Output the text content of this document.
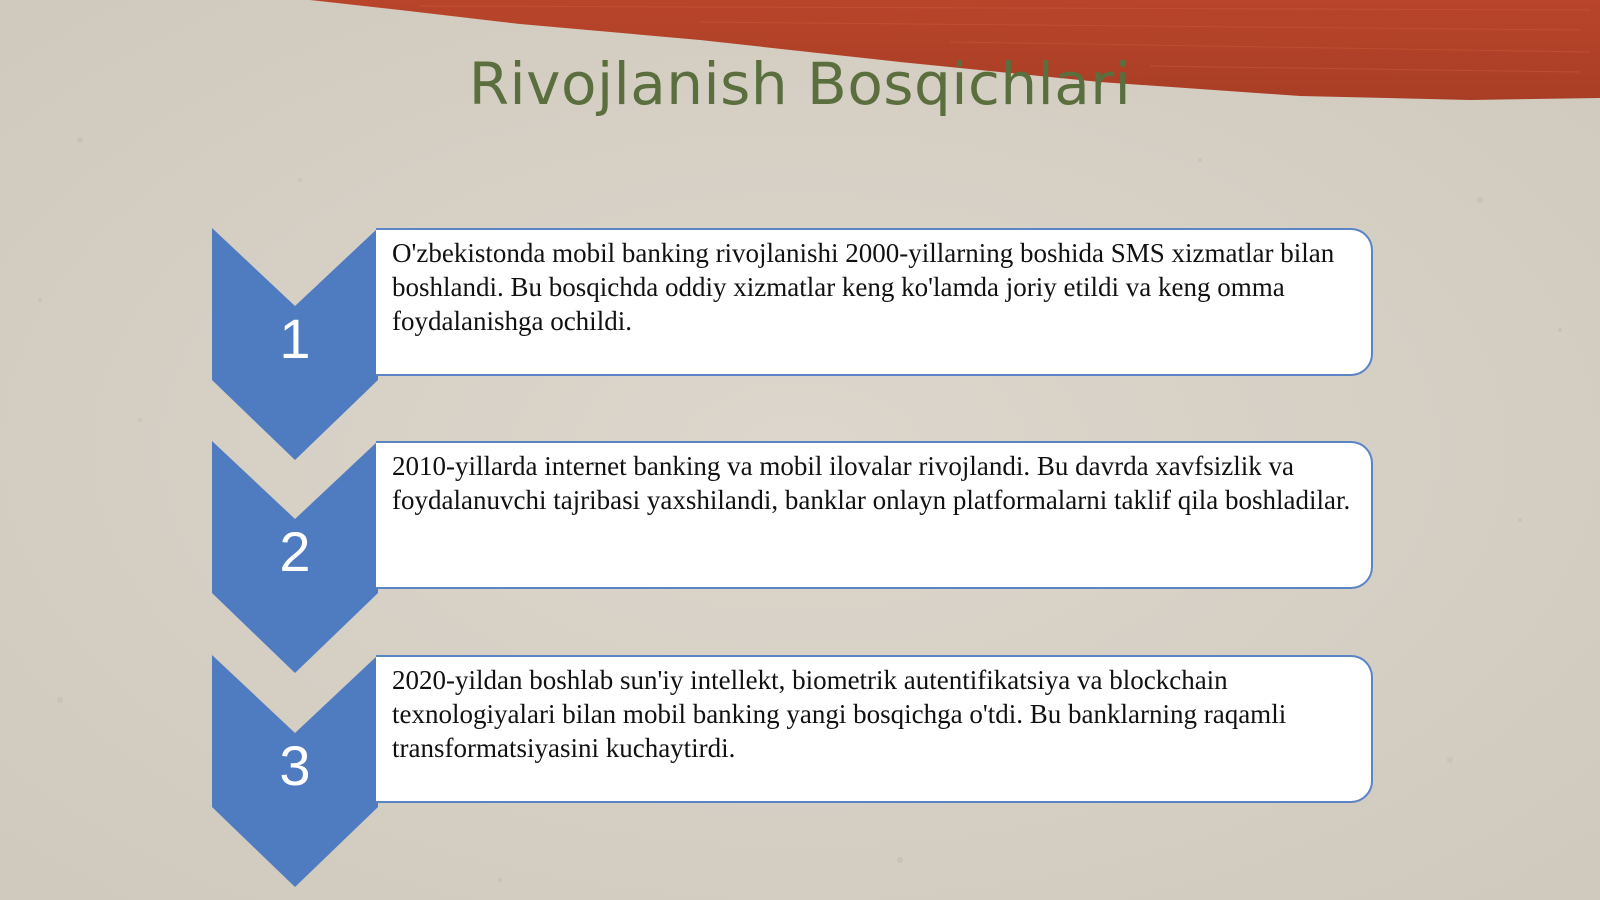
Rivojlanish Bosqichlari
1
O'zbekistonda mobil banking rivojlanishi 2000-yillarning boshida SMS xizmatlar bilan boshlandi. Bu bosqichda oddiy xizmatlar keng ko'lamda joriy etildi va keng omma foydalanishga ochildi.
2
2010-yillarda internet banking va mobil ilovalar rivojlandi. Bu davrda xavfsizlik va foydalanuvchi tajribasi yaxshilandi, banklar onlayn platformalarni taklif qila boshladilar.
3
2020-yildan boshlab sun'iy intellekt, biometrik autentifikatsiya va blockchain texnologiyalari bilan mobil banking yangi bosqichga o'tdi. Bu banklarning raqamli transformatsiyasini kuchaytirdi.
